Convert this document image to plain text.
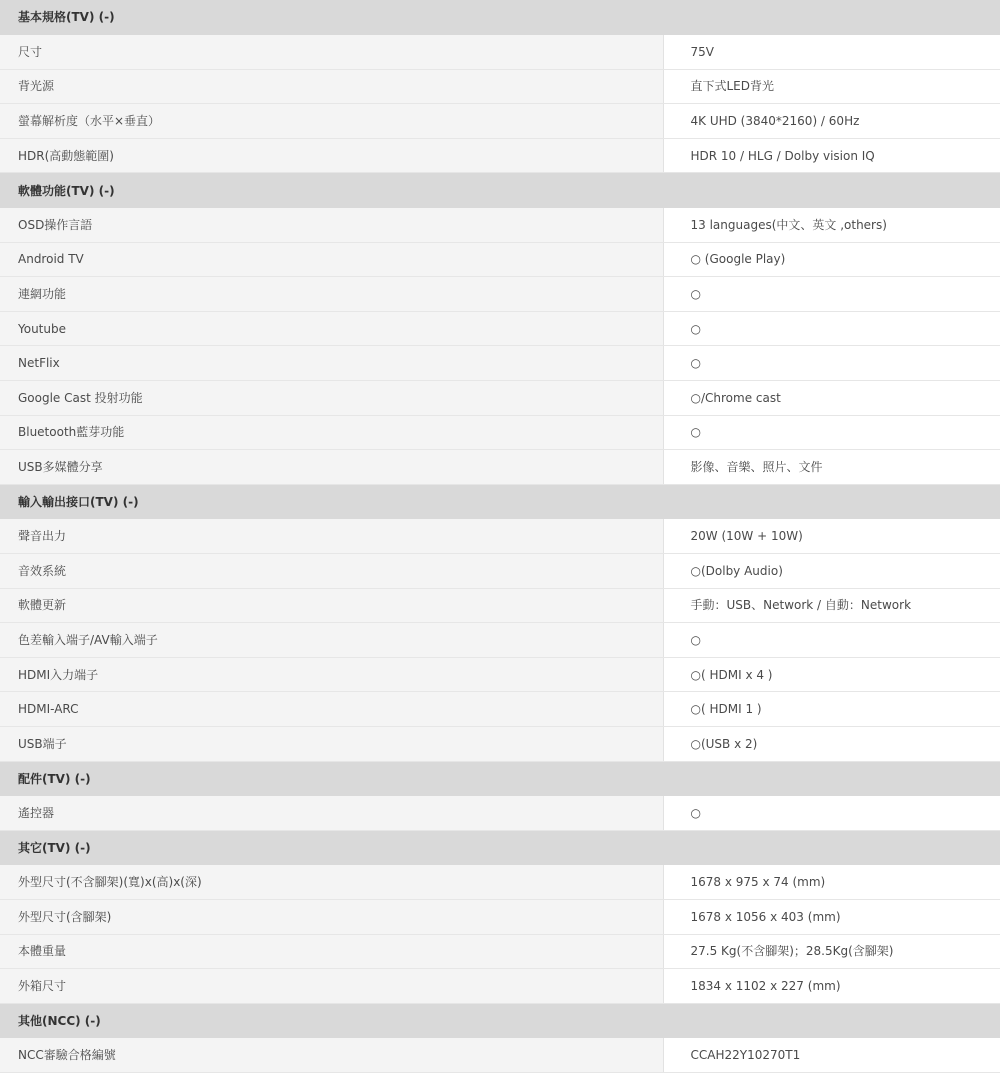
基本規格(TV) (-)	
尺寸	75V
背光源	直下式LED背光
螢幕解析度（水平×垂直）	4K UHD (3840*2160) / 60Hz
HDR(高動態範圍)	HDR 10 / HLG / Dolby vision IQ
軟體功能(TV) (-)	
OSD操作言語	13 languages(中文、英文 ,others)
Android TV	○ (Google Play)
連網功能	○
Youtube	○
NetFlix	○
Google Cast 投射功能	○/Chrome cast
Bluetooth藍芽功能	○
USB多媒體分享	影像、音樂、照片、文件
輸入輸出接口(TV) (-)	
聲音出力	20W (10W + 10W)
音效系統	○(Dolby Audio)
軟體更新	手動：USB、Network / 自動：Network
色差輸入端子/AV輸入端子	○
HDMI入力端子	○( HDMI x 4 )
HDMI-ARC	○( HDMI 1 )
USB端子	○(USB x 2)
配件(TV) (-)	
遙控器	○
其它(TV) (-)	
外型尺寸(不含腳架)(寬)x(高)x(深)	1678 x 975 x 74 (mm)
外型尺寸(含腳架)	1678 x 1056 x 403 (mm)
本體重量	27.5 Kg(不含腳架)；28.5Kg(含腳架)
外箱尺寸	1834 x 1102 x 227 (mm)
其他(NCC) (-)	
NCC審驗合格編號	CCAH22Y10270T1
